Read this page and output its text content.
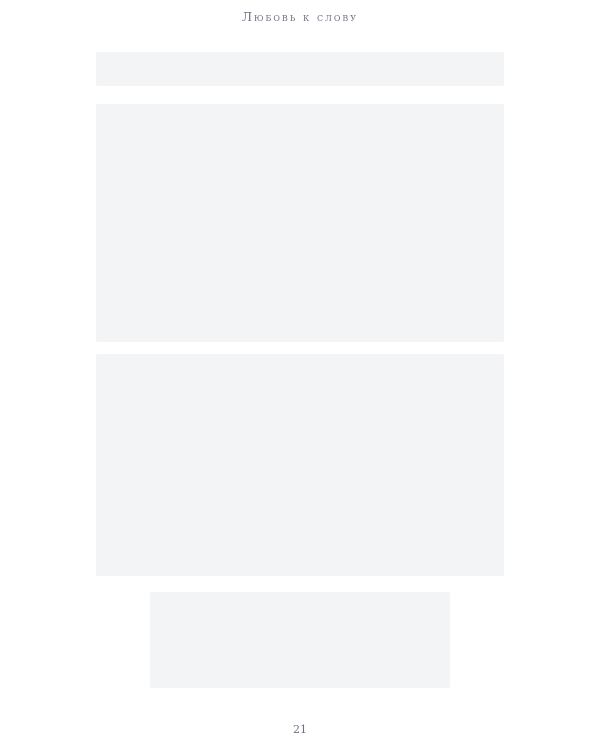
Любовь к слову
21
